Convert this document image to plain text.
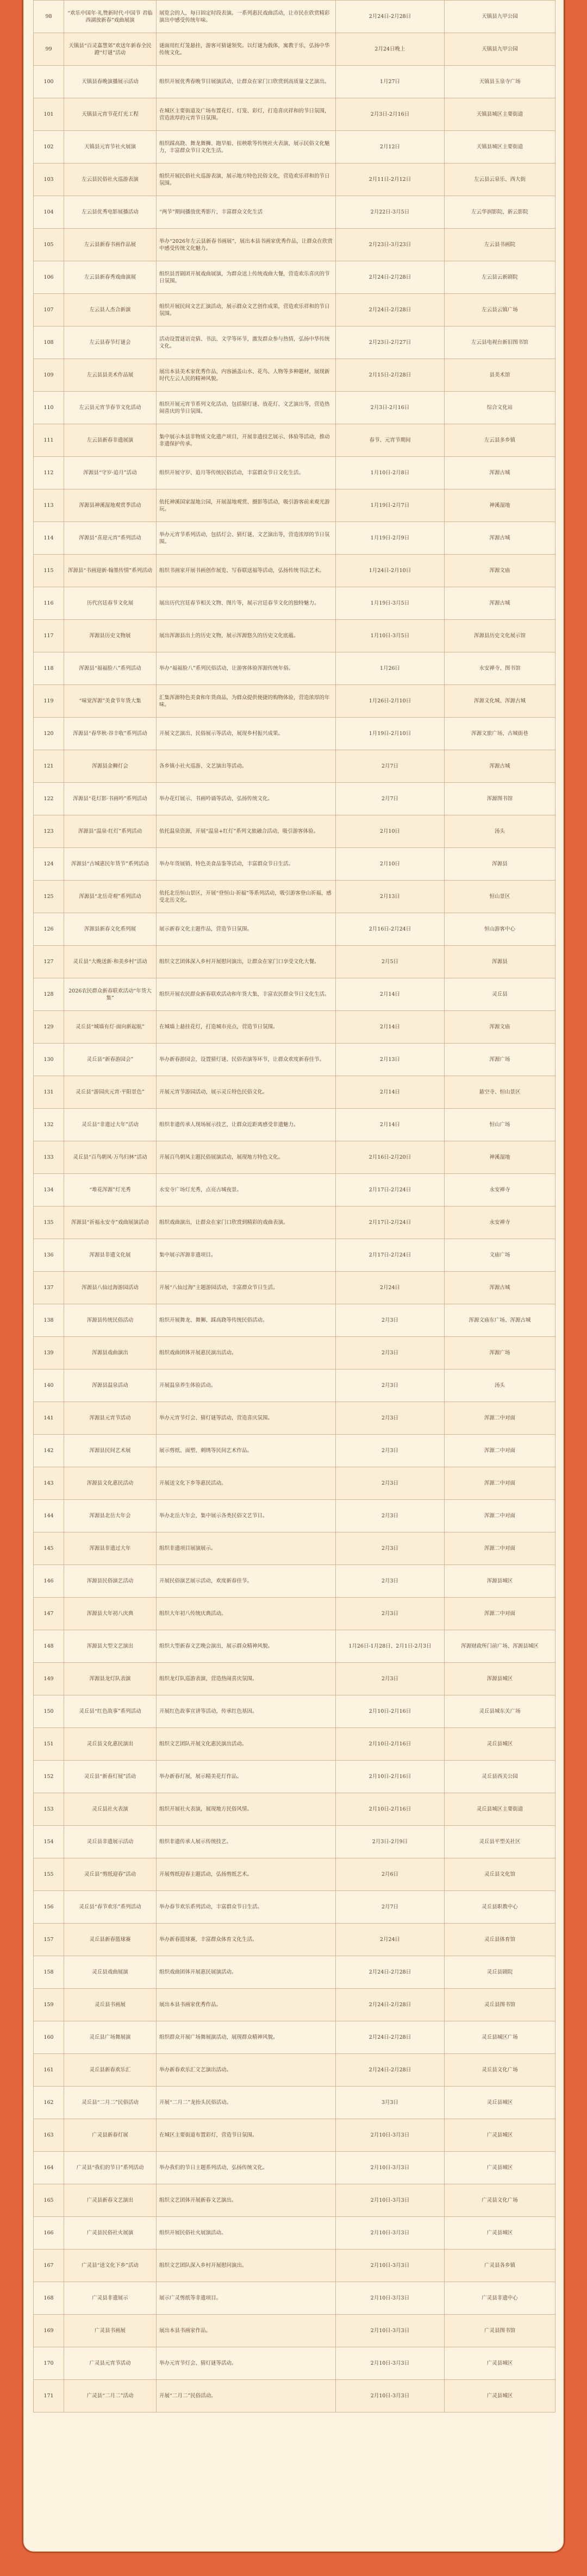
98	“欢乐中国年·礼赞新时代·中国节 君临西湖放新春”戏曲展演	展览会的人，每日固定时段表演。一系列惠民戏曲活动，让市民在欣赏精彩演出中感受传统年味。	2月24日-2月28日	天镇县九甲公园
99	天镇县“百灵嘉慧郊”欢送年新春全民蹬“灯谜”活动	谜面用红灯笼悬挂，游客可猜谜领奖。以灯谜为载体，寓教于乐，弘扬中华传统文化。	2月24日晚上	天镇县九甲公园
100	天镇县春晚演播展示活动	组织开展优秀春晚节目展演活动，让群众在家门口欣赏到高质量文艺演出。	1月27日	天镇县玉泉寺广场
101	天镇县元宵节花灯光工程	在城区主要街道及广场布置花灯、灯笼、彩灯，打造喜庆祥和的节日氛围，营造浓厚的元宵节日氛围。	2月3日-2月16日	天镇县城区主要街道
102	天镇县元宵节社火展演	组织踩高跷、舞龙舞狮、跑旱船、扭秧歌等传统社火表演，展示民俗文化魅力，丰富群众节日文化生活。	2月12日	天镇县城区主要街道
103	左云县民俗社火巡游表演	组织开展民俗社火巡游表演，展示地方特色民俗文化，营造欢乐祥和的节日氛围。	2月11日-2月12日	左云县云泉乐、西大街
104	左云县优秀电影展播活动	“两节”期间播放优秀影片，丰富群众文化生活	2月22日-3月5日	左云华润影院、新云影院
105	左云县新春书画作品展	举办“2026年左云县新春书画展”，展出本县书画家优秀作品，让群众在欣赏中感受传统文化魅力。	2月23日-3月23日	左云县书画院
106	左云县新春秀戏曲演展	组织县晋剧团开展戏曲展演，为群众送上传统戏曲大餐，营造欢乐喜庆的节日氛围。	2月24日-2月28日	左云县云新剧院
107	左云县人杰合新演	组织开展民间文艺汇演活动，展示群众文艺创作成果，营造欢乐祥和的节日氛围。	2月24日-2月28日	左云县云镇广场
108	左云县春节灯谜会	活动设置谜语竞猜、书法、文学等环节，激发群众参与热情，弘扬中华传统文化。	2月23日-2月27日	左云县电视台新旧图书馆
109	左云县县美术作品展	展出本县美术家优秀作品，内容涵盖山水、花鸟、人物等多种题材，展现新时代左云人民的精神风貌。	2月15日-2月28日	县美术馆
110	左云县元宵节春节文化活动	组织开展元宵节系列文化活动，包括猜灯谜、放花灯、文艺演出等，营造热闹喜庆的节日氛围。	2月3日-2月16日	综合文化站
111	左云县新春非遗展演	集中展示本县非物质文化遗产项目，开展非遗技艺展示、体验等活动，推动非遗保护传承。	春节、元宵节期间	左云县多乡镇
112	浑源县“守岁·追月”活动	组织开展守岁、追月等传统民俗活动，丰富群众节日文化生活。	1月10日-2月8日	浑源古城
113	浑源县神溪湿地观赏季活动	依托神溪国家湿地公园，开展湿地观赏、摄影等活动，吸引游客前来观光游玩。	1月19日-2月7日	神溪湿地
114	浑源县“喜迎元宵”系列活动	举办元宵节系列活动，包括灯会、猜灯谜、文艺演出等，营造浓厚的节日氛围。	1月19日-2月9日	浑源古城
115	浑源县“书画迎新·翰墨传情”系列活动	组织书画家开展书画创作展览、写春联送福等活动，弘扬传统书法艺术。	1月24日-2月10日	浑源文庙
116	历代宫廷春节文化展	展出历代宫廷春节相关文物、图片等，展示宫廷春节文化的独特魅力。	1月19日-3月5日	浑源古城
117	浑源县历史文物展	展出浑源县出土的历史文物，展示浑源悠久的历史文化底蕴。	1月10日-3月5日	浑源县历史文化展示馆
118	浑源县“福福脸八”系列活动	举办“福福脸八”系列民俗活动，让游客体验浑源传统年俗。	1月26日	永安禅寺、图书馆
119	“味觉浑源”美食节年货大集	汇集浑源特色美食和年货商品，为群众提供便捷的购物体验，营造浓厚的年味。	1月26日-2月10日	浑源文化城、浑源古城
120	浑源县“春华秋·谷丰收”系列活动	开展文艺演出、民俗展示等活动，展现乡村振兴成果。	1月19日-2月10日	浑源文旅广场、古城街巷
121	浑源县金狮灯会	各乡镇小社火巡游、文艺演出等活动。	2月7日	浑源古城
122	浑源县“花灯影·书画吟”系列活动	举办花灯展示、书画吟诵等活动，弘扬传统文化。	2月7日	浑源图书馆
123	浑源县“温泉·红灯”系列活动	依托温泉资源，开展“温泉+红灯”系列文旅融合活动，吸引游客体验。	2月10日	汤头
124	浑源县“古城惠民年货节”系列活动	举办年货展销、特色美食品鉴等活动，丰富群众节日生活。	2月10日	浑源县
125	浑源县“北岳奇观”系列活动	依托北岳恒山景区，开展“登恒山·祈福”等系列活动，吸引游客登山祈福，感受北岳文化。	2月13日	恒山景区
126	浑源县新春文化系列展	展示新春文化主题作品，营造节日氛围。	2月16日-2月24日	恒山游客中心
127	灵丘县“大晚送新·和美乡村”活动	组织文艺团体深入乡村开展慰问演出，让群众在家门口享受文化大餐。	2月5日	浑源县
128	2026农民群众新春联欢活动“年货大集”	组织开展农民群众新春联欢活动和年货大集，丰富农民群众节日文化生活。	2月14日	灵丘县
129	灵丘县“城墙有灯·面向新起航”	在城墙上悬挂花灯，打造城市亮点，营造节日氛围。	2月14日	浑源文庙
130	灵丘县“新春游园会”	举办新春游园会，设置猜灯谜、民俗表演等环节，让群众欢度新春佳节。	2月13日	浑源广场
131	灵丘县“游园庆元宵·平阳景色”	开展元宵节游园活动，展示灵丘特色民俗文化。	2月14日	悬空寺、恒山景区
132	灵丘县“非遗过大年”活动	组织非遗传承人现场展示技艺，让群众近距离感受非遗魅力。	2月14日	恒山广场
133	灵丘县“百鸟朝凤·万鸟归林”活动	开展百鸟朝凤主题民俗展演活动，展现地方特色文化。	2月16日-2月20日	神溪湿地
134	“堆花浑源”灯光秀	永安寺广场灯光秀，点亮古城夜景。	2月17日-2月24日	永安禅寺
135	浑源县“祈福永安寺”戏曲展演活动	组织戏曲演出，让群众在家门口欣赏到精彩的戏曲表演。	2月17日-2月24日	永安禅寺
136	浑源县非遗文化展	集中展示浑源非遗项目。	2月17日-2月24日	文庙广场
137	浑源县八仙过海游园活动	开展“八仙过海”主题游园活动，丰富群众节日生活。	2月24日	浑源古城
138	浑源县传统民俗活动	组织开展舞龙、舞狮、踩高跷等传统民俗活动。	2月3日	浑源文庙东广场、浑源古城
139	浑源县戏曲演出	组织戏曲团体开展惠民演出活动。	2月3日	浑源广场
140	浑源县温泉活动	开展温泉养生体验活动。	2月3日	汤头
141	浑源县元宵节活动	举办元宵节灯会、猜灯谜等活动，营造喜庆氛围。	2月3日	浑源二中对面
142	浑源县民间艺术展	展示剪纸、面塑、刺绣等民间艺术作品。	2月3日	浑源二中对面
143	浑源县文化惠民活动	开展送文化下乡等惠民活动。	2月3日	浑源二中对面
144	浑源县北岳大年会	举办北岳大年会，集中展示各类民俗文艺节目。	2月3日	浑源二中对面
145	浑源县非遗过大年	组织非遗项目展演展示。	2月3日	浑源二中对面
146	浑源县民俗演艺活动	开展民俗演艺展示活动，欢度新春佳节。	2月3日	浑源县城区
147	浑源县大年初八庆典	组织大年初八传统庆典活动。	2月3日	浑源二中对面
148	浑源县大型文艺演出	组织大型新春文艺晚会演出，展示群众精神风貌。	1月26日-1月28日、2月1日-2月3日	浑源财政所门前广场、浑源县城区
149	浑源县龙灯队表演	组织龙灯队巡游表演，营造热闹喜庆氛围。	2月3日	浑源县城区
150	灵丘县“红色故事”系列活动	开展红色故事宣讲等活动，传承红色基因。	2月10日-2月16日	灵丘县城东关广场
151	灵丘县文化惠民演出	组织文艺团队开展文化惠民演出活动。	2月10日-2月16日	灵丘县城区
152	灵丘县“新春灯展”活动	举办新春灯展，展示精美花灯作品。	2月10日-2月16日	灵丘县西关公园
153	灵丘县社火表演	组织开展社火表演，展现地方民俗风情。	2月10日-2月16日	灵丘县城区主要街道
154	灵丘县非遗展示活动	组织非遗传承人展示传统技艺。	2月3日-2月9日	灵丘县平型关社区
155	灵丘县“剪纸迎春”活动	开展剪纸迎春主题活动，弘扬剪纸艺术。	2月6日	灵丘县文化馆
156	灵丘县“春节欢乐”系列活动	举办春节欢乐系列活动，丰富群众节日生活。	2月7日	灵丘县职教中心
157	灵丘县新春篮球赛	举办新春篮球赛，丰富群众体育文化生活。	2月24日	灵丘县体育馆
158	灵丘县戏曲展演	组织戏曲团体开展惠民展演活动。	2月24日-2月28日	灵丘县剧院
159	灵丘县书画展	展出本县书画家优秀作品。	2月24日-2月28日	灵丘县图书馆
160	灵丘县广场舞展演	组织群众开展广场舞展演活动，展现群众精神风貌。	2月24日-2月28日	灵丘县城区广场
161	灵丘县新春欢乐汇	举办新春欢乐汇文艺演出活动。	2月24日-2月28日	灵丘县文化广场
162	灵丘县“二月二”民俗活动	开展“二月二”龙抬头民俗活动。	3月3日	灵丘县城区
163	广灵县新春灯展	在城区主要街道布置彩灯，营造节日氛围。	2月10日-3月3日	广灵县城区
164	广灵县“我们的节日”系列活动	举办我们的节日主题系列活动，弘扬传统文化。	2月10日-3月3日	广灵县城区
165	广灵县新春文艺演出	组织文艺团体开展新春文艺演出。	2月10日-3月3日	广灵县文化广场
166	广灵县民俗社火展演	组织开展民俗社火展演活动。	2月10日-3月3日	广灵县城区
167	广灵县“送文化下乡”活动	组织文艺团队深入乡村开展慰问演出。	2月10日-3月3日	广灵县各乡镇
168	广灵县非遗展示	展示广灵剪纸等非遗项目。	2月10日-3月3日	广灵县非遗中心
169	广灵县书画展	展出本县书画家作品。	2月10日-3月3日	广灵县图书馆
170	广灵县元宵节活动	举办元宵节灯会、猜灯谜等活动。	2月10日-3月3日	广灵县城区
171	广灵县“二月二”活动	开展“二月二”民俗活动。	2月10日-3月3日	广灵县城区
